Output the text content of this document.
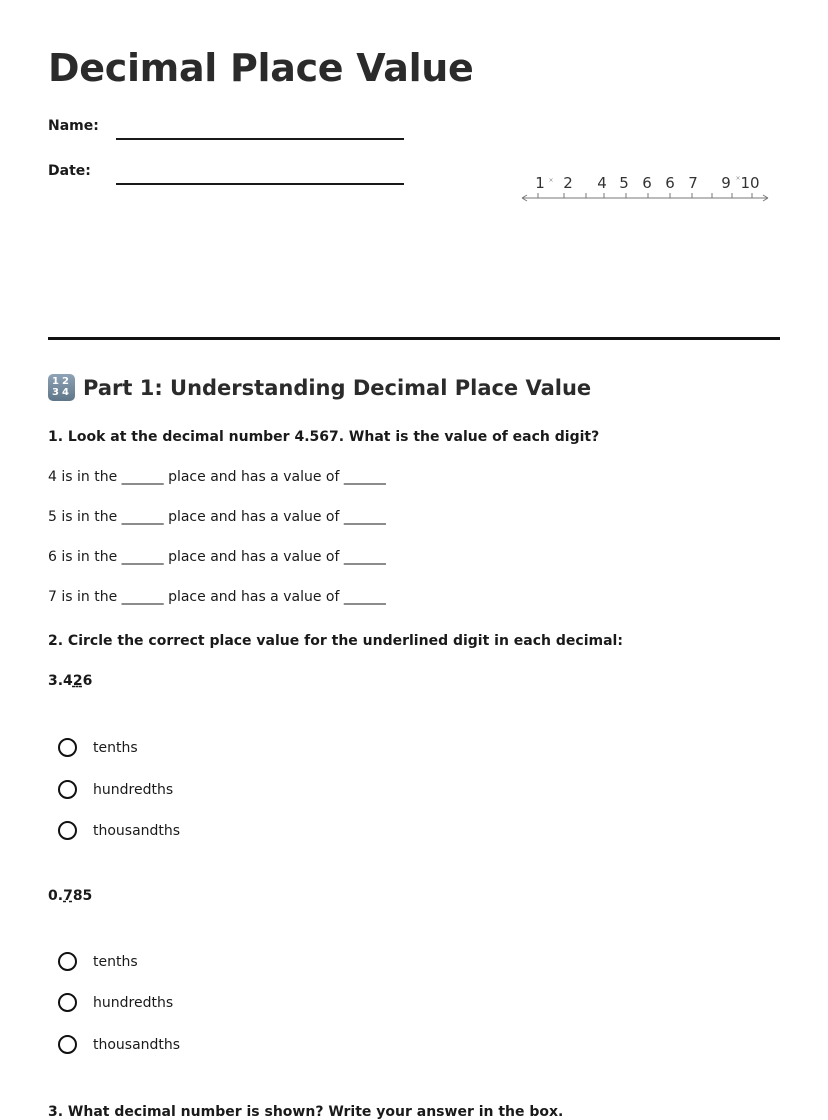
Decimal Place Value
Name:
Date:
×	×
1 2 4 5 6 6 7 9 10
1 2
3 4 Part 1: Understanding Decimal Place Value
1. Look at the decimal number 4.567. What is the value of each digit?
4 is in the ______ place and has a value of ______
5 is in the ______ place and has a value of ______
6 is in the ______ place and has a value of ______
7 is in the ______ place and has a value of ______
2. Circle the correct place value for the underlined digit in each decimal:
3.426
tenths
hundredths
thousandths
0.785
tenths
hundredths
thousandths
3. What decimal number is shown? Write your answer in the box.
